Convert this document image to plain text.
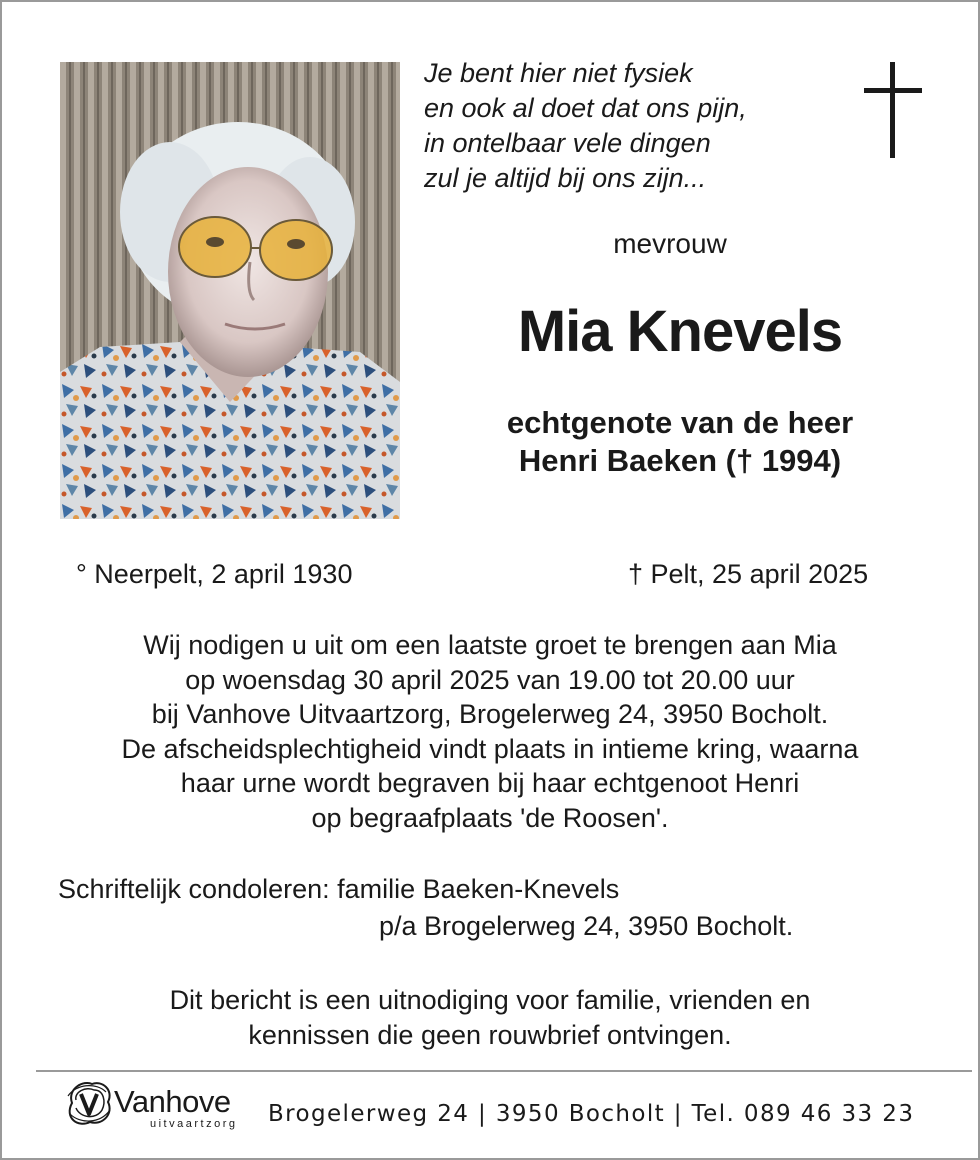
Je bent hier niet fysiek
en ook al doet dat ons pijn,
in ontelbaar vele dingen
zul je altijd bij ons zijn...
mevrouw
Mia Knevels
echtgenote van de heer
Henri Baeken († 1994)
° Neerpelt, 2 april 1930	† Pelt, 25 april 2025
Wij nodigen u uit om een laatste groet te brengen aan Mia
op woensdag 30 april 2025 van 19.00 tot 20.00 uur
bij Vanhove Uitvaartzorg, Brogelerweg 24, 3950 Bocholt.
De afscheidsplechtigheid vindt plaats in intieme kring, waarna
haar urne wordt begraven bij haar echtgenoot Henri
op begraafplaats 'de Roosen'.
Schriftelijk condoleren: familie Baeken-Knevels
p/a Brogelerweg 24, 3950 Bocholt.
Dit bericht is een uitnodiging voor familie, vrienden en
kennissen die geen rouwbrief ontvingen.
Vanhove
uitvaartzorg Brogelerweg 24 | 3950 Bocholt | Tel. 089 46 33 23
